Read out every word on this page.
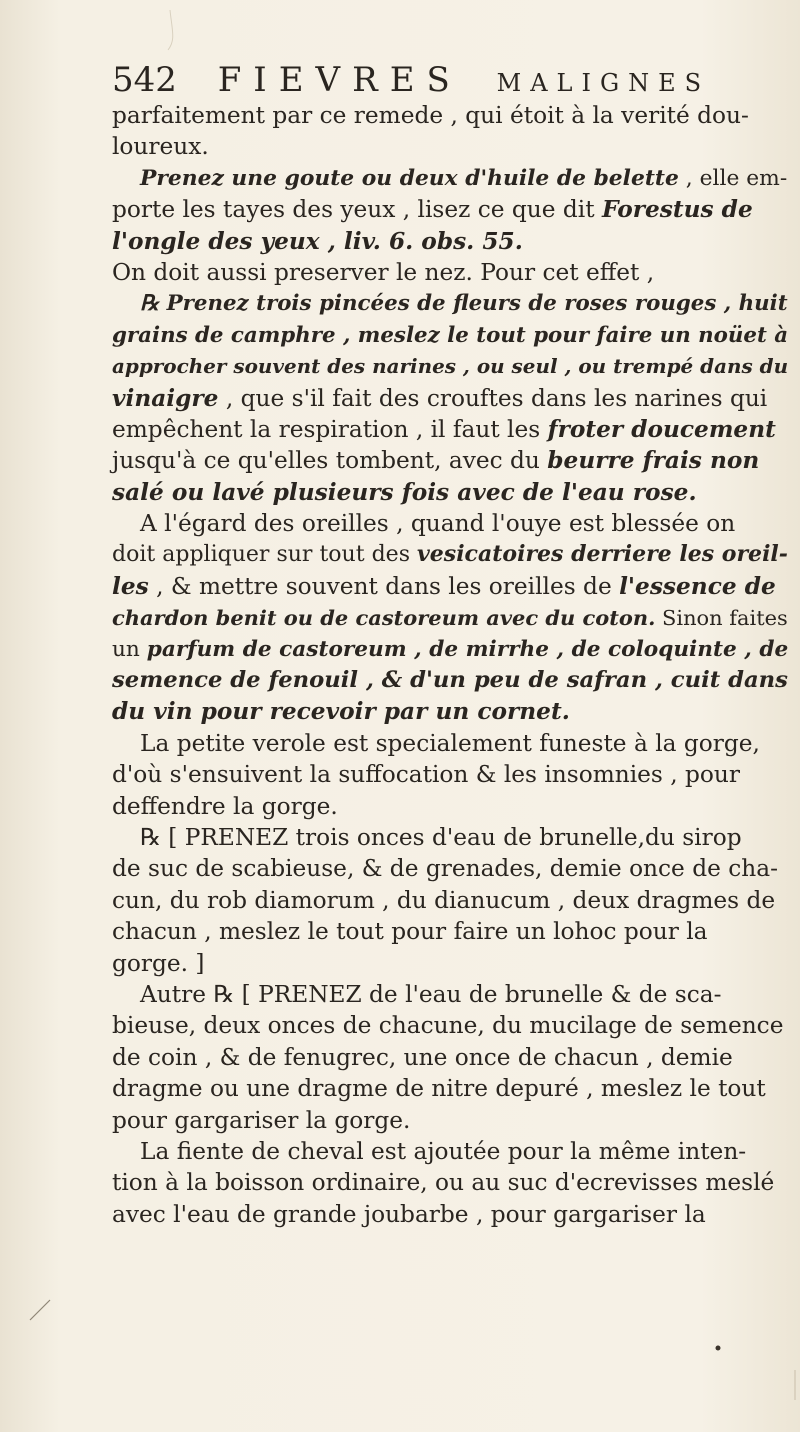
542 FIEVRES malignes
parfaitement par ce remede , qui étoit à la verité dou-
loureux.
Prenez une goute ou deux d'huile de belette , elle em-
porte les tayes des yeux , lisez ce que dit Forestus de
l'ongle des yeux , liv. 6. obs. 55.
On doit aussi preserver le nez. Pour cet effet ,
℞ Prenez trois pincées de fleurs de roses rouges , huit
grains de camphre , meslez le tout pour faire un noüet à
approcher souvent des narines , ou seul , ou trempé dans du
vinaigre , que s'il fait des crouftes dans les narines qui
empêchent la respiration , il faut les froter doucement
jusqu'à ce qu'elles tombent, avec du beurre frais non
salé ou lavé plusieurs fois avec de l'eau rose.
A l'égard des oreilles , quand l'ouye est blessée on
doit appliquer sur tout des vesicatoires derriere les oreil-
les , & mettre souvent dans les oreilles de l'essence de
chardon benit ou de castoreum avec du coton. Sinon faites
un parfum de castoreum , de mirrhe , de coloquinte , de
semence de fenouil , & d'un peu de safran , cuit dans
du vin pour recevoir par un cornet.
La petite verole est specialement funeste à la gorge,
d'où s'ensuivent la suffocation & les insomnies , pour
deffendre la gorge.
℞ [ PRENEZ trois onces d'eau de brunelle,du sirop
de suc de scabieuse, & de grenades, demie once de cha-
cun, du rob diamorum , du dianucum , deux dragmes de
chacun , meslez le tout pour faire un lohoc pour la
gorge. ]
Autre ℞ [ PRENEZ de l'eau de brunelle & de sca-
bieuse, deux onces de chacune, du mucilage de semence
de coin , & de fenugrec, une once de chacun , demie
dragme ou une dragme de nitre depuré , meslez le tout
pour gargariser la gorge.
La fiente de cheval est ajoutée pour la même inten-
tion à la boisson ordinaire, ou au suc d'ecrevisses meslé
avec l'eau de grande joubarbe , pour gargariser la
